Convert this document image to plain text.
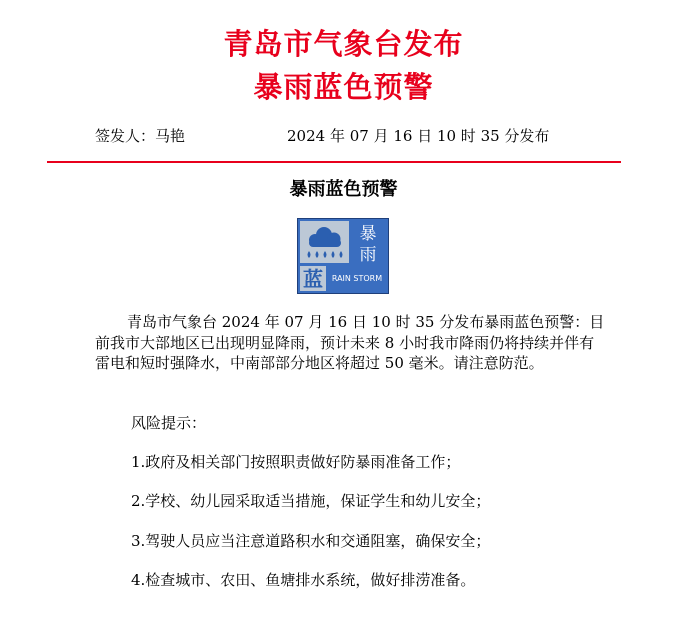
青岛市气象台发布
暴雨蓝色预警
签发人：马艳	2024 年 07 月 16 日 10 时 35 分发布
暴雨蓝色预警
暴
雨
蓝 RAIN STORM
青岛市气象台 2024 年 07 月 16 日 10 时 35 分发布暴雨蓝色预警：目前我市大部地区已出现明显降雨，预计未来 8 小时我市降雨仍将持续并伴有雷电和短时强降水，中南部部分地区将超过 50 毫米。请注意防范。
风险提示：
1.政府及相关部门按照职责做好防暴雨准备工作；
2.学校、幼儿园采取适当措施，保证学生和幼儿安全；
3.驾驶人员应当注意道路积水和交通阻塞，确保安全；
4.检查城市、农田、鱼塘排水系统，做好排涝准备。
